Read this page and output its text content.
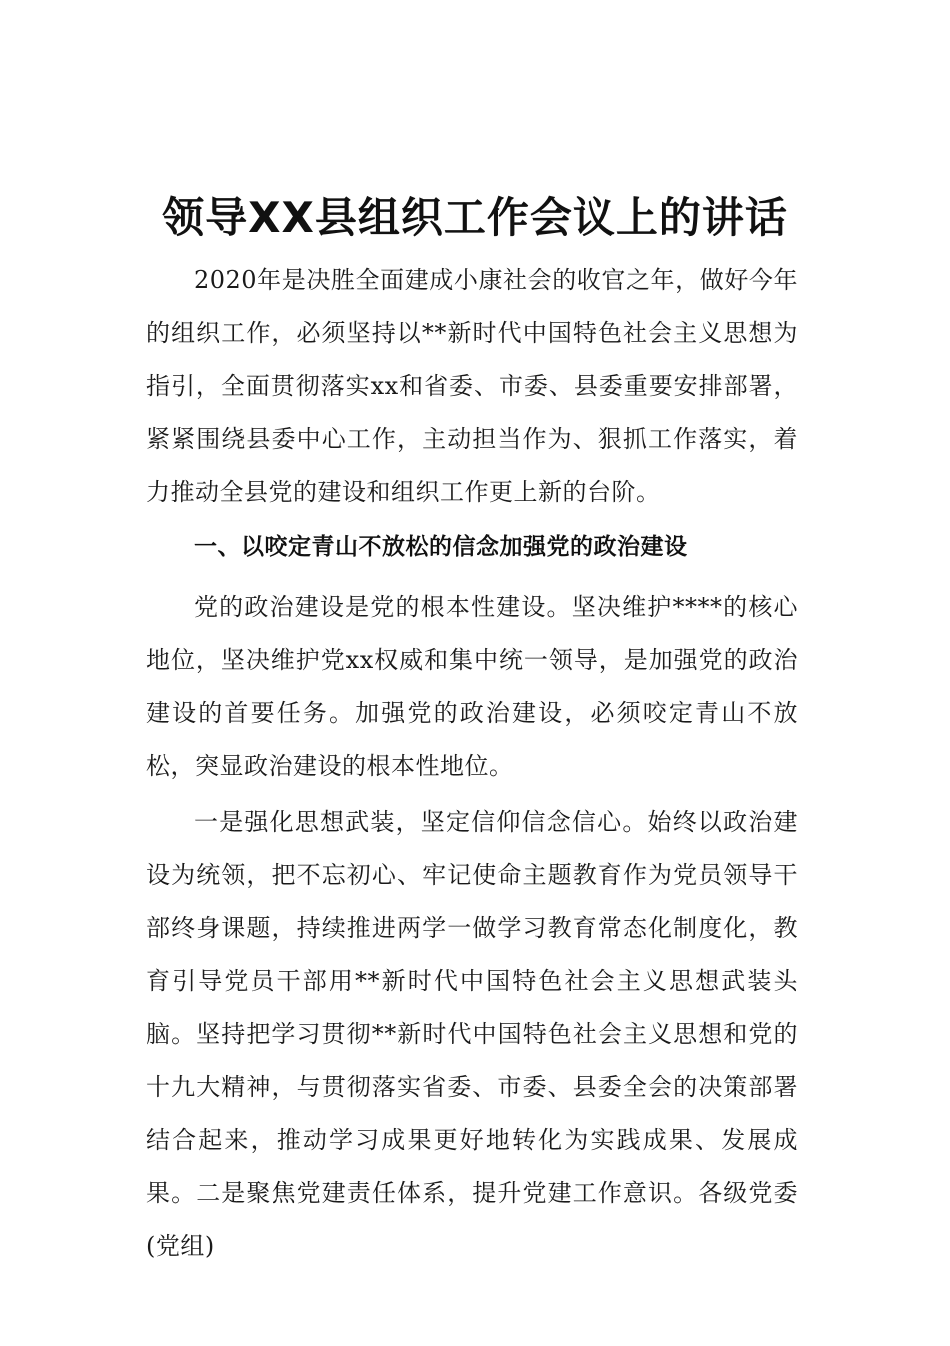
领导XX县组织工作会议上的讲话

2020年是决胜全面建成小康社会的收官之年，做好今年的组织工作，必须坚持以**新时代中国特色社会主义思想为指引，全面贯彻落实xx和省委、市委、县委重要安排部署，紧紧围绕县委中心工作，主动担当作为、狠抓工作落实，着力推动全县党的建设和组织工作更上新的台阶。

一、以咬定青山不放松的信念加强党的政治建设

党的政治建设是党的根本性建设。坚决维护****的核心地位，坚决维护党xx权威和集中统一领导，是加强党的政治建设的首要任务。加强党的政治建设，必须咬定青山不放松，突显政治建设的根本性地位。

一是强化思想武装，坚定信仰信念信心。始终以政治建设为统领，把不忘初心、牢记使命主题教育作为党员领导干部终身课题，持续推进两学一做学习教育常态化制度化，教育引导党员干部用**新时代中国特色社会主义思想武装头脑。坚持把学习贯彻**新时代中国特色社会主义思想和党的十九大精神，与贯彻落实省委、市委、县委全会的决策部署结合起来，推动学习成果更好地转化为实践成果、发展成果。二是聚焦党建责任体系，提升党建工作意识。各级党委(党组)
